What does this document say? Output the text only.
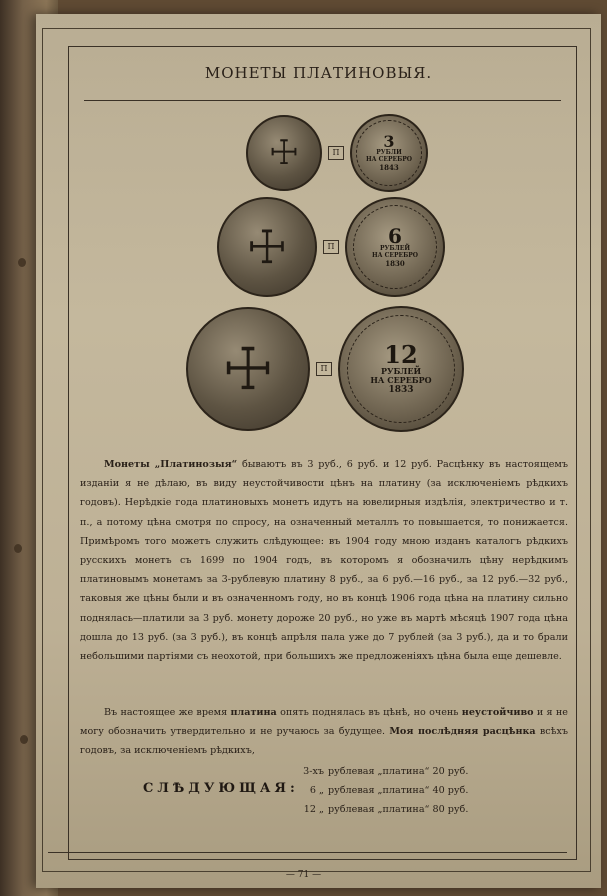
МОНЕТЫ ПЛАТИНОВЫЯ.
☩	П
3
РУБЛИ
НА СЕРЕБРО
1843
☩	П	6
РУБЛЕЙ
НА СЕРЕБРО
1830
☩	П 12
РУБЛЕЙ
НА СЕРЕБРО
1833

Монеты „Платинозыя“ бываютъ въ 3 руб., 6 руб. и 12 руб. Расцѣнку въ настоящемъ изданіи я не дѣлаю, въ виду неустойчивости цѣнъ на платину (за исключеніемъ рѣдкихъ годовъ). Нерѣдкіе года платиновыхъ монетъ идутъ на ювелирныя издѣлія, электричество и т. п., а потому цѣна смотря по спросу, на означенный металлъ то повышается, то понижается. Примѣромъ того можетъ служить слѣдующее: въ 1904 году мною изданъ каталогъ рѣдкихъ русскихъ монетъ съ 1699 по 1904 годъ, въ которомъ я обозначилъ цѣну нерѣдкимъ платиновымъ монетамъ за 3-рублевую платину 8 руб., за 6 руб.—16 руб., за 12 руб.—32 руб., таковыя же цѣны были и въ означенномъ году, но въ концѣ 1906 года цѣна на платину сильно поднялась—платили за 3 руб. монету дороже 20 руб., но уже въ мартѣ мѣсяцѣ 1907 года цѣна дошла до 13 руб. (за 3 руб.), въ концѣ апрѣля пала уже до 7 рублей (за 3 руб.), да и то брали небольшими партіями съ неохотой, при большихъ же предложеніяхъ цѣна была еще дешевле.

Въ настоящее же время платина опять поднялась въ цѣнѣ, но очень неустойчиво и я не могу обозначить утвердительно и не ручаюсь за будущее. Моя послѣдняя расцѣнка всѣхъ годовъ, за исключеніемъ рѣдкихъ,

СЛѢДУЮЩАЯ:
3-хъ рублевая „платина“ 20 руб.
6 „ рублевая „платина“ 40 руб.
12 „ рублевая „платина“ 80 руб.
— 71 —
